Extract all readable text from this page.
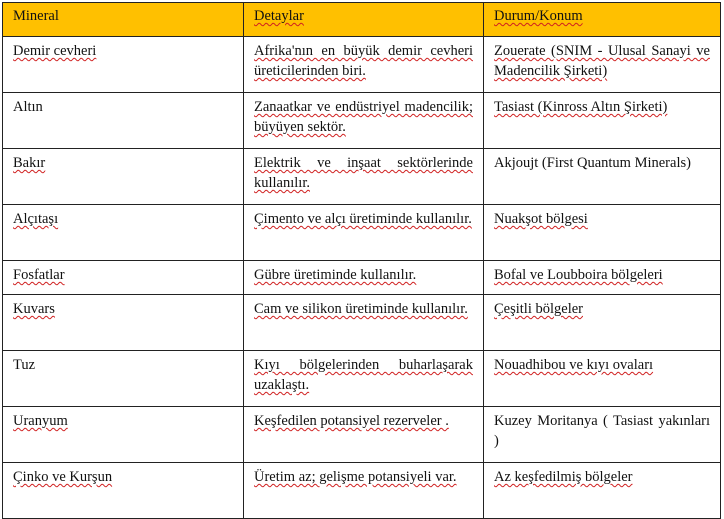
Mineral	Detaylar	Durum/Konum
Demir cevheri	Afrika'nın en büyük demir cevheri üreticilerinden biri.	Zouerate (SNIM - Ulusal Sanayi ve Madencilik Şirketi)
Altın	Zanaatkar ve endüstriyel madencilik; büyüyen sektör.	Tasiast (Kinross Altın Şirketi)
Bakır	Elektrik ve inşaat sektörlerinde kullanılır.	Akjoujt (First Quantum Minerals)
Alçıtaşı	Çimento ve alçı üretiminde kullanılır.	Nuakşot bölgesi
Fosfatlar	Gübre üretiminde kullanılır.	Bofal ve Loubboira bölgeleri
Kuvars	Cam ve silikon üretiminde kullanılır.	Çeşitli bölgeler
Tuz	Kıyı bölgelerinden buharlaşarak uzaklaştı.	Nouadhibou ve kıyı ovaları
Uranyum	Keşfedilen potansiyel rezerveler .	Kuzey Moritanya ( Tasiast yakınları )
Çinko ve Kurşun	Üretim az; gelişme potansiyeli var.	Az keşfedilmiş bölgeler
